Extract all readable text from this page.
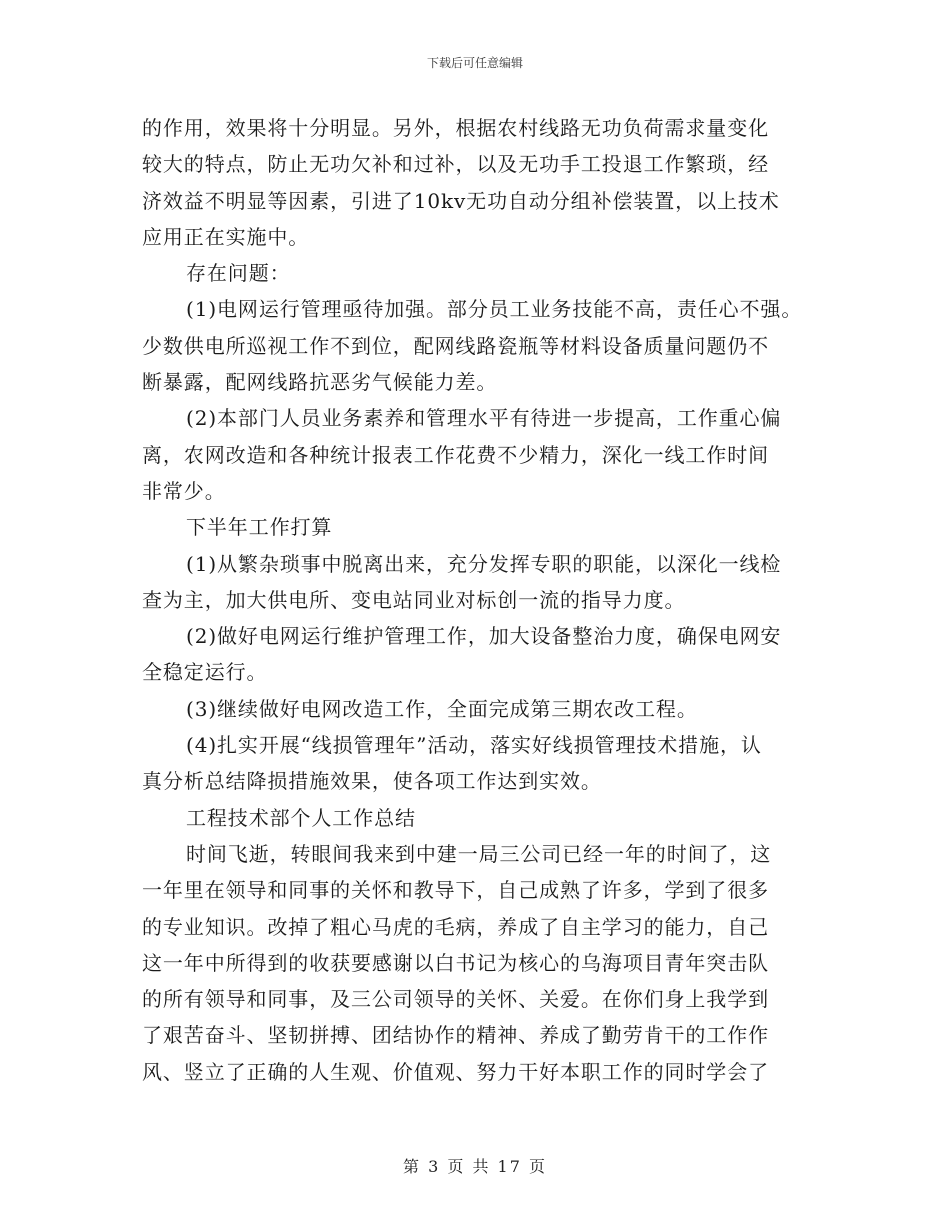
下载后可任意编辑
的作用，效果将十分明显。另外，根据农村线路无功负荷需求量变化
较大的特点，防止无功欠补和过补，以及无功手工投退工作繁琐，经
济效益不明显等因素，引进了10kv无功自动分组补偿装置，以上技术
应用正在实施中。
存在问题：
(1)电网运行管理亟待加强。部分员工业务技能不高，责任心不强。
少数供电所巡视工作不到位，配网线路瓷瓶等材料设备质量问题仍不
断暴露，配网线路抗恶劣气候能力差。
(2)本部门人员业务素养和管理水平有待进一步提高，工作重心偏
离，农网改造和各种统计报表工作花费不少精力，深化一线工作时间
非常少。
下半年工作打算
(1)从繁杂琐事中脱离出来，充分发挥专职的职能，以深化一线检
查为主，加大供电所、变电站同业对标创一流的指导力度。
(2)做好电网运行维护管理工作，加大设备整治力度，确保电网安
全稳定运行。
(3)继续做好电网改造工作，全面完成第三期农改工程。
(4)扎实开展“线损管理年”活动，落实好线损管理技术措施，认
真分析总结降损措施效果，使各项工作达到实效。
工程技术部个人工作总结
时间飞逝，转眼间我来到中建一局三公司已经一年的时间了，这
一年里在领导和同事的关怀和教导下，自己成熟了许多，学到了很多
的专业知识。改掉了粗心马虎的毛病，养成了自主学习的能力，自己
这一年中所得到的收获要感谢以白书记为核心的乌海项目青年突击队
的所有领导和同事，及三公司领导的关怀、关爱。在你们身上我学到
了艰苦奋斗、坚韧拼搏、团结协作的精神、养成了勤劳肯干的工作作
风、竖立了正确的人生观、价值观、努力干好本职工作的同时学会了
第 3 页 共 17 页
